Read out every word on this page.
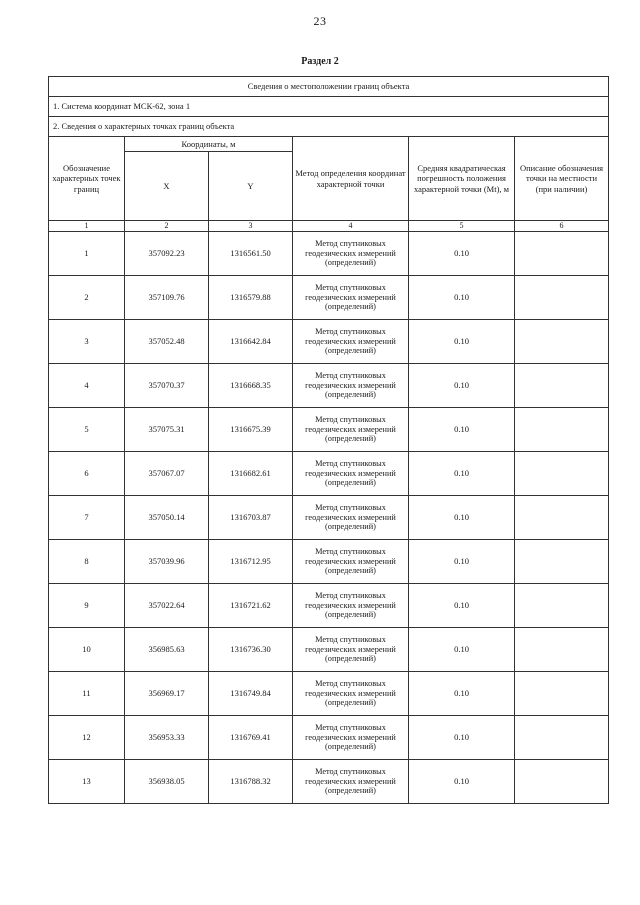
23
Раздел 2
Сведения о местоположении границ объекта					
1. Система координат МСК-62, зона 1					
2. Сведения о характерных точках границ объекта					
Обозначение характерных точек границ	Координаты, м		Метод определения координат характерной точки	Средняя квадратическая погрешность положения характерной точки (Mt), м	Описание обозначения точки на местности (при наличии)
	X	Y			
1	2	3	4	5	6
1	357092.23	1316561.50	Метод спутниковых геодезических измерений (определений)	0.10	
2	357109.76	1316579.88	Метод спутниковых геодезических измерений (определений)	0.10	
3	357052.48	1316642.84	Метод спутниковых геодезических измерений (определений)	0.10	
4	357070.37	1316668.35	Метод спутниковых геодезических измерений (определений)	0.10	
5	357075.31	1316675.39	Метод спутниковых геодезических измерений (определений)	0.10	
6	357067.07	1316682.61	Метод спутниковых геодезических измерений (определений)	0.10	
7	357050.14	1316703.87	Метод спутниковых геодезических измерений (определений)	0.10	
8	357039.96	1316712.95	Метод спутниковых геодезических измерений (определений)	0.10	
9	357022.64	1316721.62	Метод спутниковых геодезических измерений (определений)	0.10	
10	356985.63	1316736.30	Метод спутниковых геодезических измерений (определений)	0.10	
11	356969.17	1316749.84	Метод спутниковых геодезических измерений (определений)	0.10	
12	356953.33	1316769.41	Метод спутниковых геодезических измерений (определений)	0.10	
13	356938.05	1316788.32	Метод спутниковых геодезических измерений (определений)	0.10	
